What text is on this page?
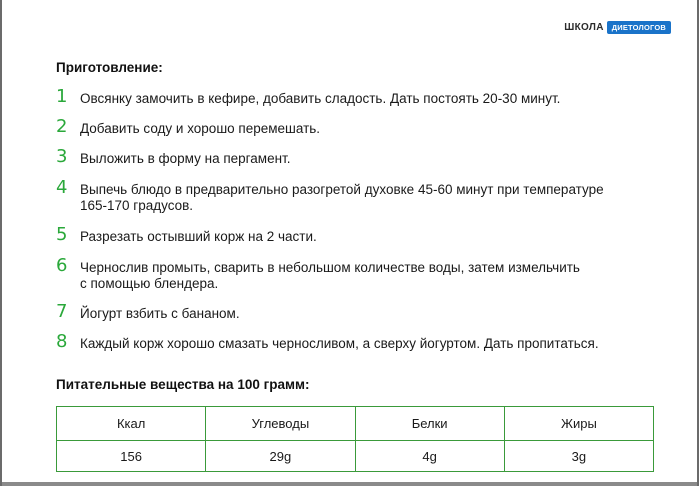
ШКОЛА	ДИЕТОЛОГОВ
Приготовление:
1 Овсянку замочить в кефире, добавить сладость. Дать постоять 20-30 минут.
2 Добавить соду и хорошо перемешать.
3 Выложить в форму на пергамент.
4 Выпечь блюдо в предварительно разогретой духовке 45-60 минут при температуре
165-170 градусов.
5 Разрезать остывший корж на 2 части.
6 Чернослив промыть, сварить в небольшом количестве воды, затем измельчить
с помощью блендера.
7 Йогурт взбить с бананом.
8 Каждый корж хорошо смазать черносливом, а сверху йогуртом. Дать пропитаться.
Питательные вещества на 100 грамм:
Ккал	Углеводы	Белки	Жиры
156	29g	4g	3g
